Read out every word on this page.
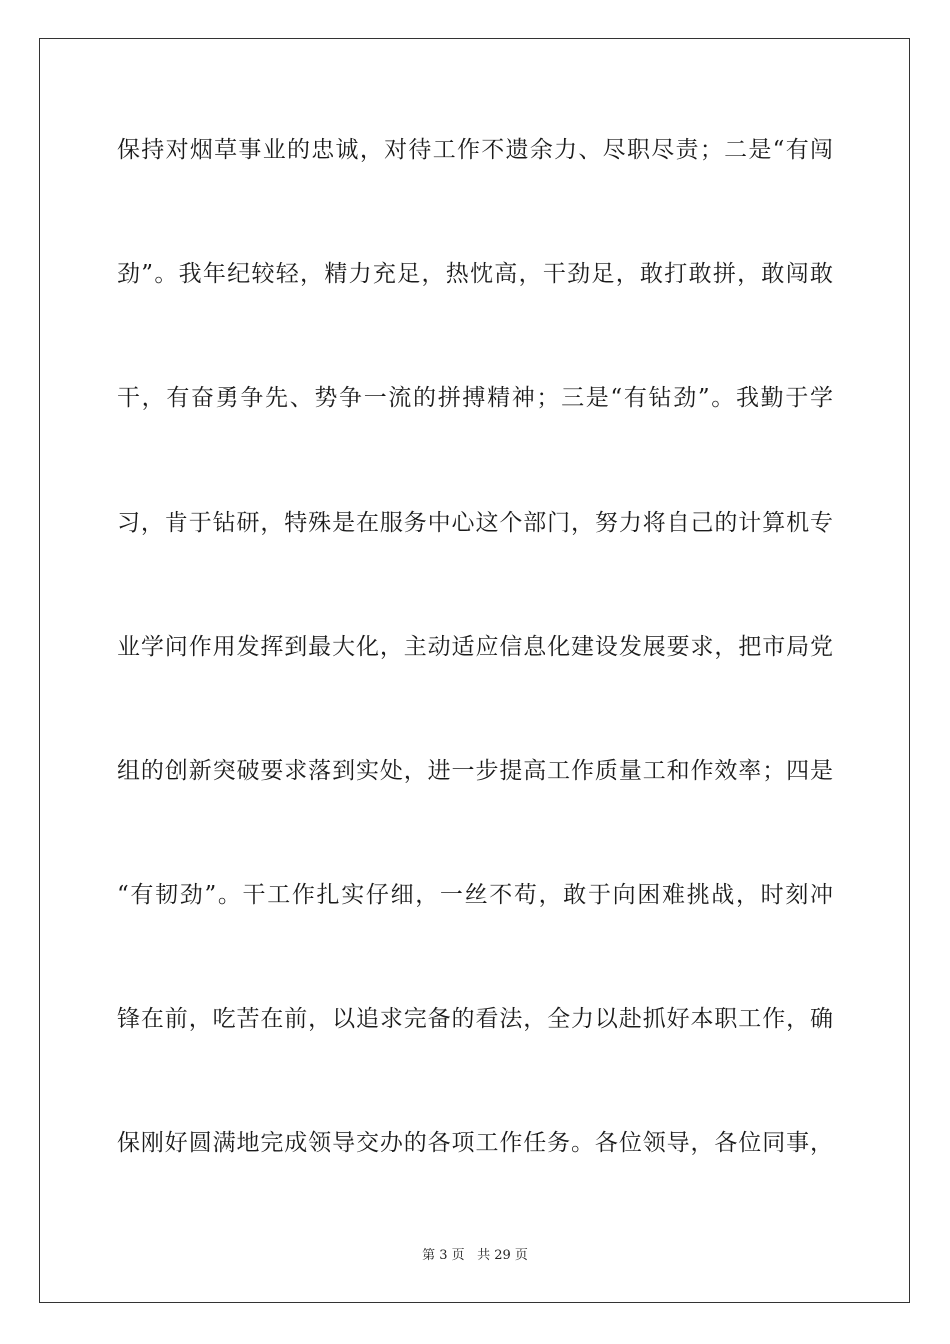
保持对烟草事业的忠诚，对待工作不遗余力、尽职尽责；二是“有闯
劲”。我年纪较轻，精力充足，热忱高，干劲足，敢打敢拼，敢闯敢
干，有奋勇争先、势争一流的拼搏精神；三是“有钻劲”。我勤于学
习，肯于钻研，特殊是在服务中心这个部门，努力将自己的计算机专
业学问作用发挥到最大化，主动适应信息化建设发展要求，把市局党
组的创新突破要求落到实处，进一步提高工作质量工和作效率；四是
“有韧劲”。干工作扎实仔细，一丝不苟，敢于向困难挑战，时刻冲
锋在前，吃苦在前，以追求完备的看法，全力以赴抓好本职工作，确
保刚好圆满地完成领导交办的各项工作任务。各位领导，各位同事，
第 3 页 共 29 页
